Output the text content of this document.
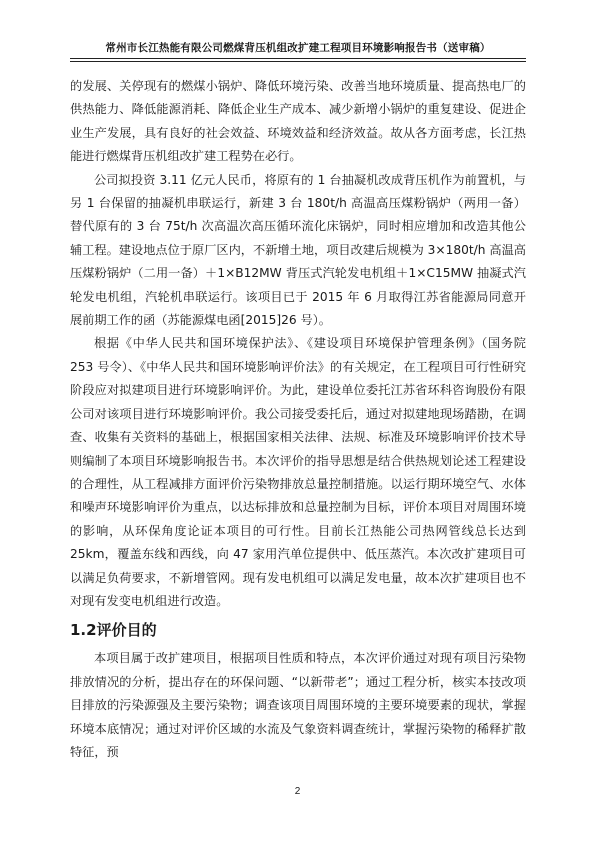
常州市长江热能有限公司燃煤背压机组改扩建工程项目环境影响报告书（送审稿）

的发展、关停现有的燃煤小锅炉、降低环境污染、改善当地环境质量、提高热电厂的供热能力、降低能源消耗、降低企业生产成本、减少新增小锅炉的重复建设、促进企业生产发展，具有良好的社会效益、环境效益和经济效益。故从各方面考虑，长江热能进行燃煤背压机组改扩建工程势在必行。

公司拟投资 3.11 亿元人民币，将原有的 1 台抽凝机改成背压机作为前置机，与另 1 台保留的抽凝机串联运行，新建 3 台 180t/h 高温高压煤粉锅炉（两用一备）替代原有的 3 台 75t/h 次高温次高压循环流化床锅炉，同时相应增加和改造其他公辅工程。建设地点位于原厂区内，不新增土地，项目改建后规模为 3×180t/h 高温高压煤粉锅炉（二用一备）＋1×B12MW 背压式汽轮发电机组＋1×C15MW 抽凝式汽轮发电机组，汽轮机串联运行。该项目已于 2015 年 6 月取得江苏省能源局同意开展前期工作的函（苏能源煤电函[2015]26 号）。

根据《中华人民共和国环境保护法》、《建设项目环境保护管理条例》（国务院 253 号令）、《中华人民共和国环境影响评价法》的有关规定，在工程项目可行性研究阶段应对拟建项目进行环境影响评价。为此，建设单位委托江苏省环科咨询股份有限公司对该项目进行环境影响评价。我公司接受委托后，通过对拟建地现场踏勘，在调查、收集有关资料的基础上，根据国家相关法律、法规、标准及环境影响评价技术导则编制了本项目环境影响报告书。本次评价的指导思想是结合供热规划论述工程建设的合理性，从工程减排方面评价污染物排放总量控制措施。以运行期环境空气、水体和噪声环境影响评价为重点，以达标排放和总量控制为目标，评价本项目对周围环境的影响，从环保角度论证本项目的可行性。目前长江热能公司热网管线总长达到 25km，覆盖东线和西线，向 47 家用汽单位提供中、低压蒸汽。本次改扩建项目可以满足负荷要求，不新增管网。现有发电机组可以满足发电量，故本次扩建项目也不对现有发变电机组进行改造。

1.2评价目的

本项目属于改扩建项目，根据项目性质和特点，本次评价通过对现有项目污染物排放情况的分析，提出存在的环保问题、“以新带老”；通过工程分析，核实本技改项目排放的污染源强及主要污染物；调查该项目周围环境的主要环境要素的现状，掌握环境本底情况；通过对评价区域的水流及气象资料调查统计，掌握污染物的稀释扩散特征，预

2
